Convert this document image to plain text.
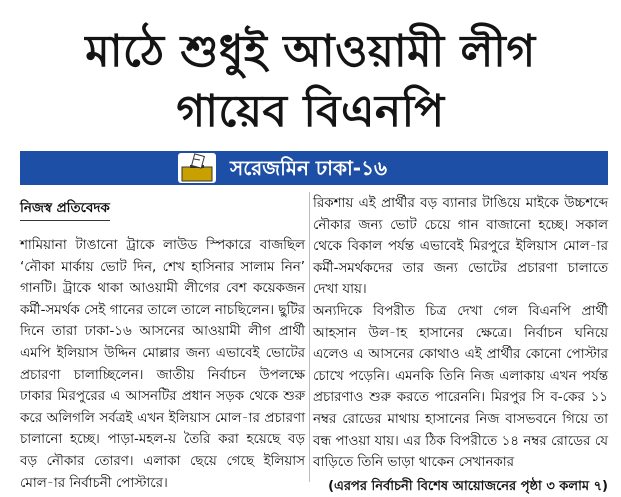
মাঠে শুধুই আওয়ামী লীগ
গায়েব বিএনপি
সরেজমিন ঢাকা-১৬
নিজস্ব প্রতিবেদক

শামিয়ানা টাঙানো ট্রাকে লাউড স্পিকারে বাজছিল ‘নৌকা মার্কায় ভোট দিন, শেখ হাসিনার সালাম নিন’ গানটি। ট্রাকে থাকা আওয়ামী লীগের বেশ কয়েকজন কর্মী-সমর্থক সেই গানের তালে তালে নাচছিলেন। ছুটির দিনে তারা ঢাকা-১৬ আসনের আওয়ামী লীগ প্রার্থী এমপি ইলিয়াস উদ্দিন মোল্লার জন্য এভাবেই ভোটের প্রচারণা চালাচ্ছিলেন। জাতীয় নির্বাচন উপলক্ষে ঢাকার মিরপুরের এ আসনটির প্রধান সড়ক থেকে শুরু করে অলিগলি সর্বত্রই এখন ইলিয়াস মোল-ার প্রচারণা চালানো হচ্ছে। পাড়া-মহল-য় তৈরি করা হয়েছে বড় বড় নৌকার তোরণ। এলাকা ছেয়ে গেছে ইলিয়াস মোল-ার নির্বাচনী পোস্টারে।

রিকশায় এই প্রার্থীর বড় ব্যানার টাঙিয়ে মাইকে উচ্চশব্দে নৌকার জন্য ভোট চেয়ে গান বাজানো হচ্ছে। সকাল থেকে বিকাল পর্যন্ত এভাবেই মিরপুরে ইলিয়াস মোল-ার কর্মী-সমর্থকদের তার জন্য ভোটের প্রচারণা চালাতে দেখা যায়।

অন্যদিকে বিপরীত চিত্র দেখা গেল বিএনপি প্রার্থী আহসান উল-াহ হাসানের ক্ষেত্রে। নির্বাচন ঘনিয়ে এলেও এ আসনের কোথাও এই প্রার্থীর কোনো পোস্টার চোখে পড়েনি। এমনকি তিনি নিজ এলাকায় এখন পর্যন্ত প্রচারণাও শুরু করতে পারেননি। মিরপুর সি ব-কের ১১ নম্বর রোডের মাথায় হাসানের নিজ বাসভবনে গিয়ে তা বন্ধ পাওয়া যায়। এর ঠিক বিপরীতে ১৪ নম্বর রোডের যে বাড়িতে তিনি ভাড়া থাকেন সেখানকার

(এরপর নির্বাচনী বিশেষ আয়োজনের পৃষ্ঠা ৩ কলাম ৭)
